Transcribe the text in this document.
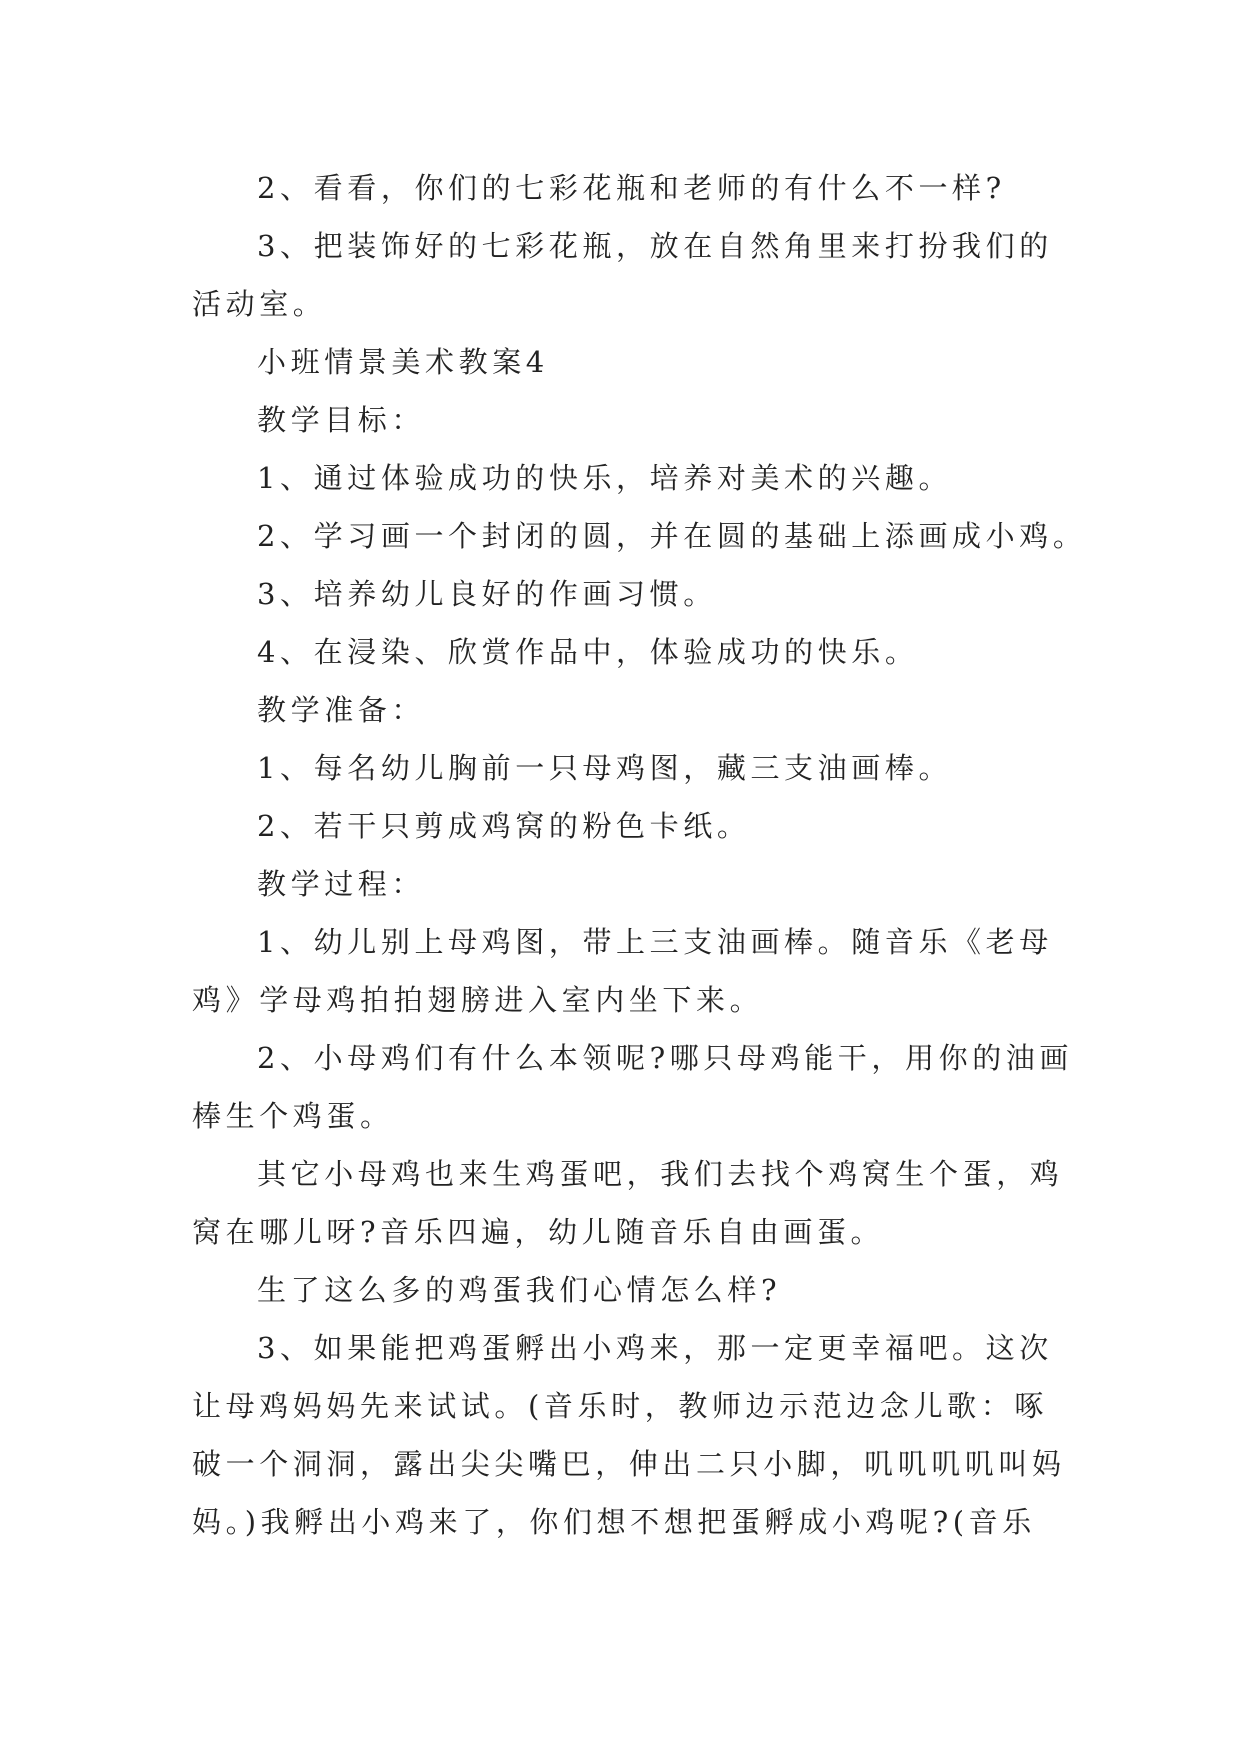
2、看看，你们的七彩花瓶和老师的有什么不一样?
3、把装饰好的七彩花瓶，放在自然角里来打扮我们的
活动室。
小班情景美术教案4
教学目标：
1、通过体验成功的快乐，培养对美术的兴趣。
2、学习画一个封闭的圆，并在圆的基础上添画成小鸡。
3、培养幼儿良好的作画习惯。
4、在浸染、欣赏作品中，体验成功的快乐。
教学准备：
1、每名幼儿胸前一只母鸡图，藏三支油画棒。
2、若干只剪成鸡窝的粉色卡纸。
教学过程：
1、幼儿别上母鸡图，带上三支油画棒。随音乐《老母
鸡》学母鸡拍拍翅膀进入室内坐下来。
2、小母鸡们有什么本领呢?哪只母鸡能干，用你的油画
棒生个鸡蛋。
其它小母鸡也来生鸡蛋吧，我们去找个鸡窝生个蛋，鸡
窝在哪儿呀?音乐四遍，幼儿随音乐自由画蛋。
生了这么多的鸡蛋我们心情怎么样?
3、如果能把鸡蛋孵出小鸡来，那一定更幸福吧。这次
让母鸡妈妈先来试试。(音乐时，教师边示范边念儿歌：啄
破一个洞洞，露出尖尖嘴巴，伸出二只小脚，叽叽叽叽叫妈
妈。)我孵出小鸡来了，你们想不想把蛋孵成小鸡呢?(音乐
